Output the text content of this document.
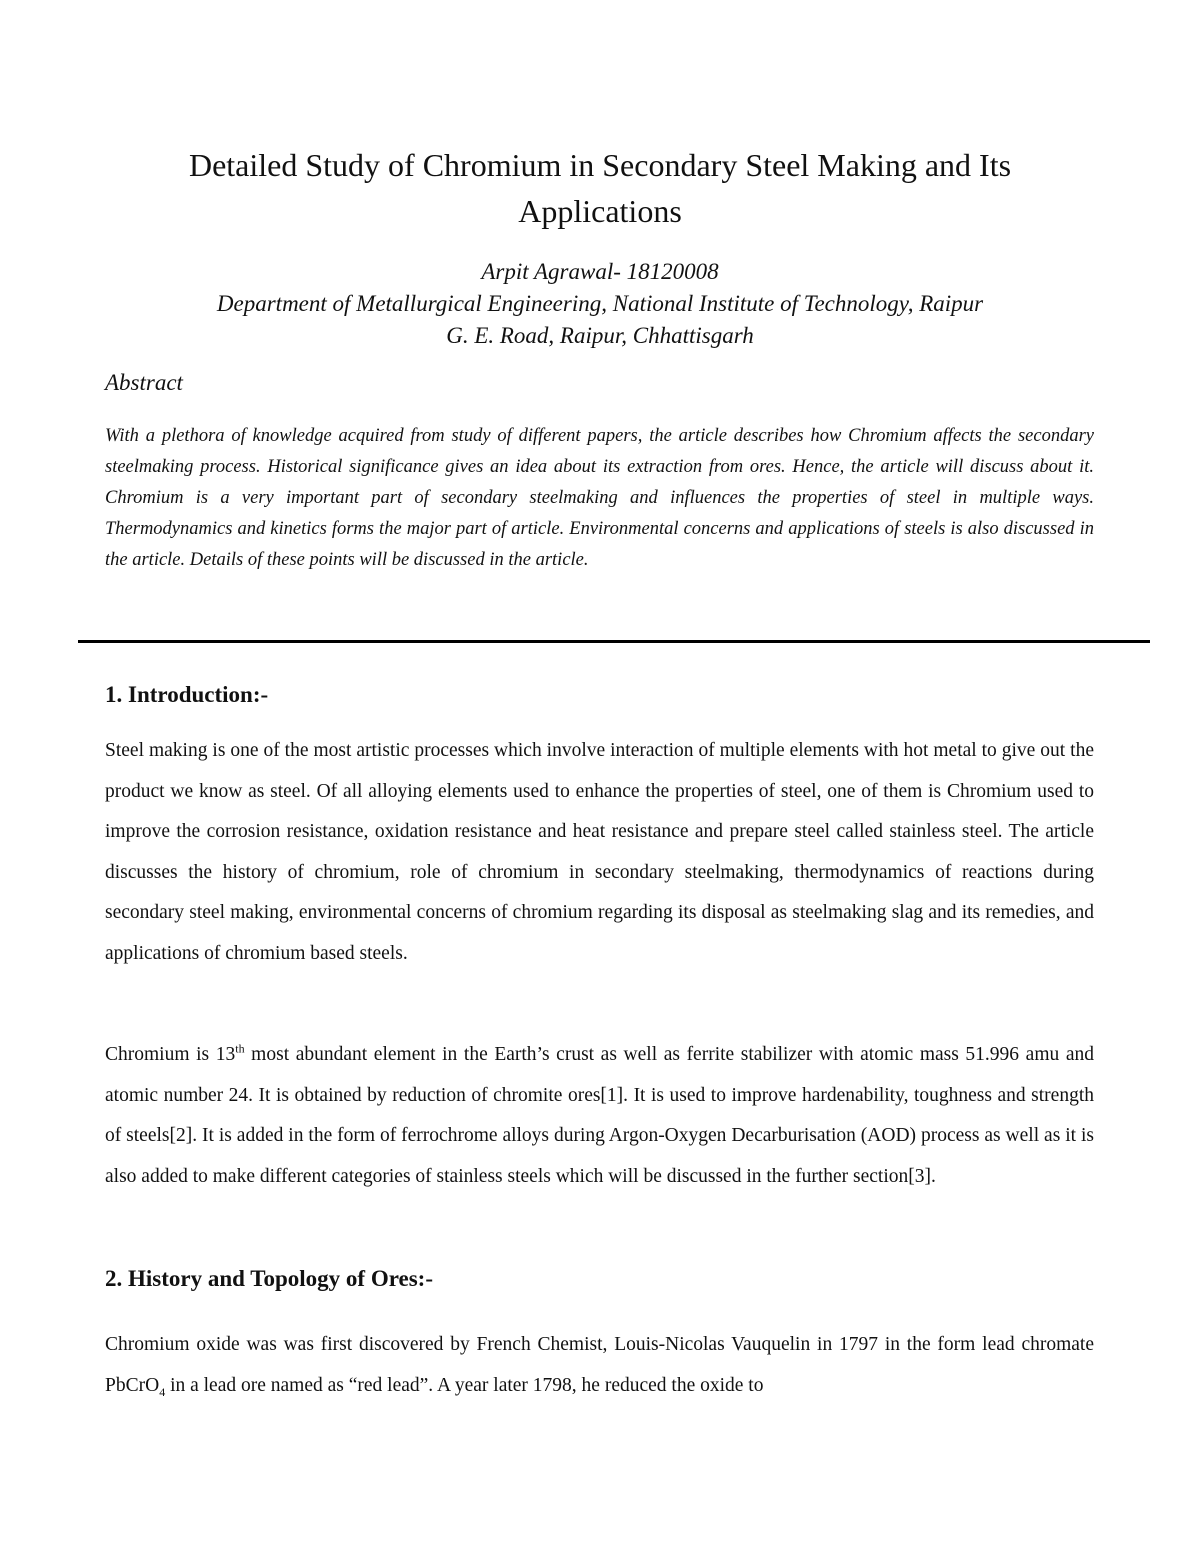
Detailed Study of Chromium in Secondary Steel Making and Its
Applications
Arpit Agrawal- 18120008
Department of Metallurgical Engineering, National Institute of Technology, Raipur
G. E. Road, Raipur, Chhattisgarh
Abstract

With a plethora of knowledge acquired from study of different papers, the article describes how Chromium affects the secondary steelmaking process. Historical significance gives an idea about its extraction from ores. Hence, the article will discuss about it. Chromium is a very important part of secondary steelmaking and influences the properties of steel in multiple ways. Thermodynamics and kinetics forms the major part of article. Environmental concerns and applications of steels is also discussed in the article. Details of these points will be discussed in the article.

1. Introduction:-

Steel making is one of the most artistic processes which involve interaction of multiple elements with hot metal to give out the product we know as steel. Of all alloying elements used to enhance the properties of steel, one of them is Chromium used to improve the corrosion resistance, oxidation resistance and heat resistance and prepare steel called stainless steel. The article discusses the history of chromium, role of chromium in secondary steelmaking, thermodynamics of reactions during secondary steel making, environmental concerns of chromium regarding its disposal as steelmaking slag and its remedies, and applications of chromium based steels.

Chromium is 13th most abundant element in the Earth’s crust as well as ferrite stabilizer with atomic mass 51.996 amu and atomic number 24. It is obtained by reduction of chromite ores[1]. It is used to improve hardenability, toughness and strength of steels[2]. It is added in the form of ferrochrome alloys during Argon-Oxygen Decarburisation (AOD) process as well as it is also added to make different categories of stainless steels which will be discussed in the further section[3].

2. History and Topology of Ores:-

Chromium oxide was was first discovered by French Chemist, Louis-Nicolas Vauquelin in 1797 in the form lead chromate PbCrO$_4$ in a lead ore named as “red lead”. A year later 1798, he reduced the oxide to
